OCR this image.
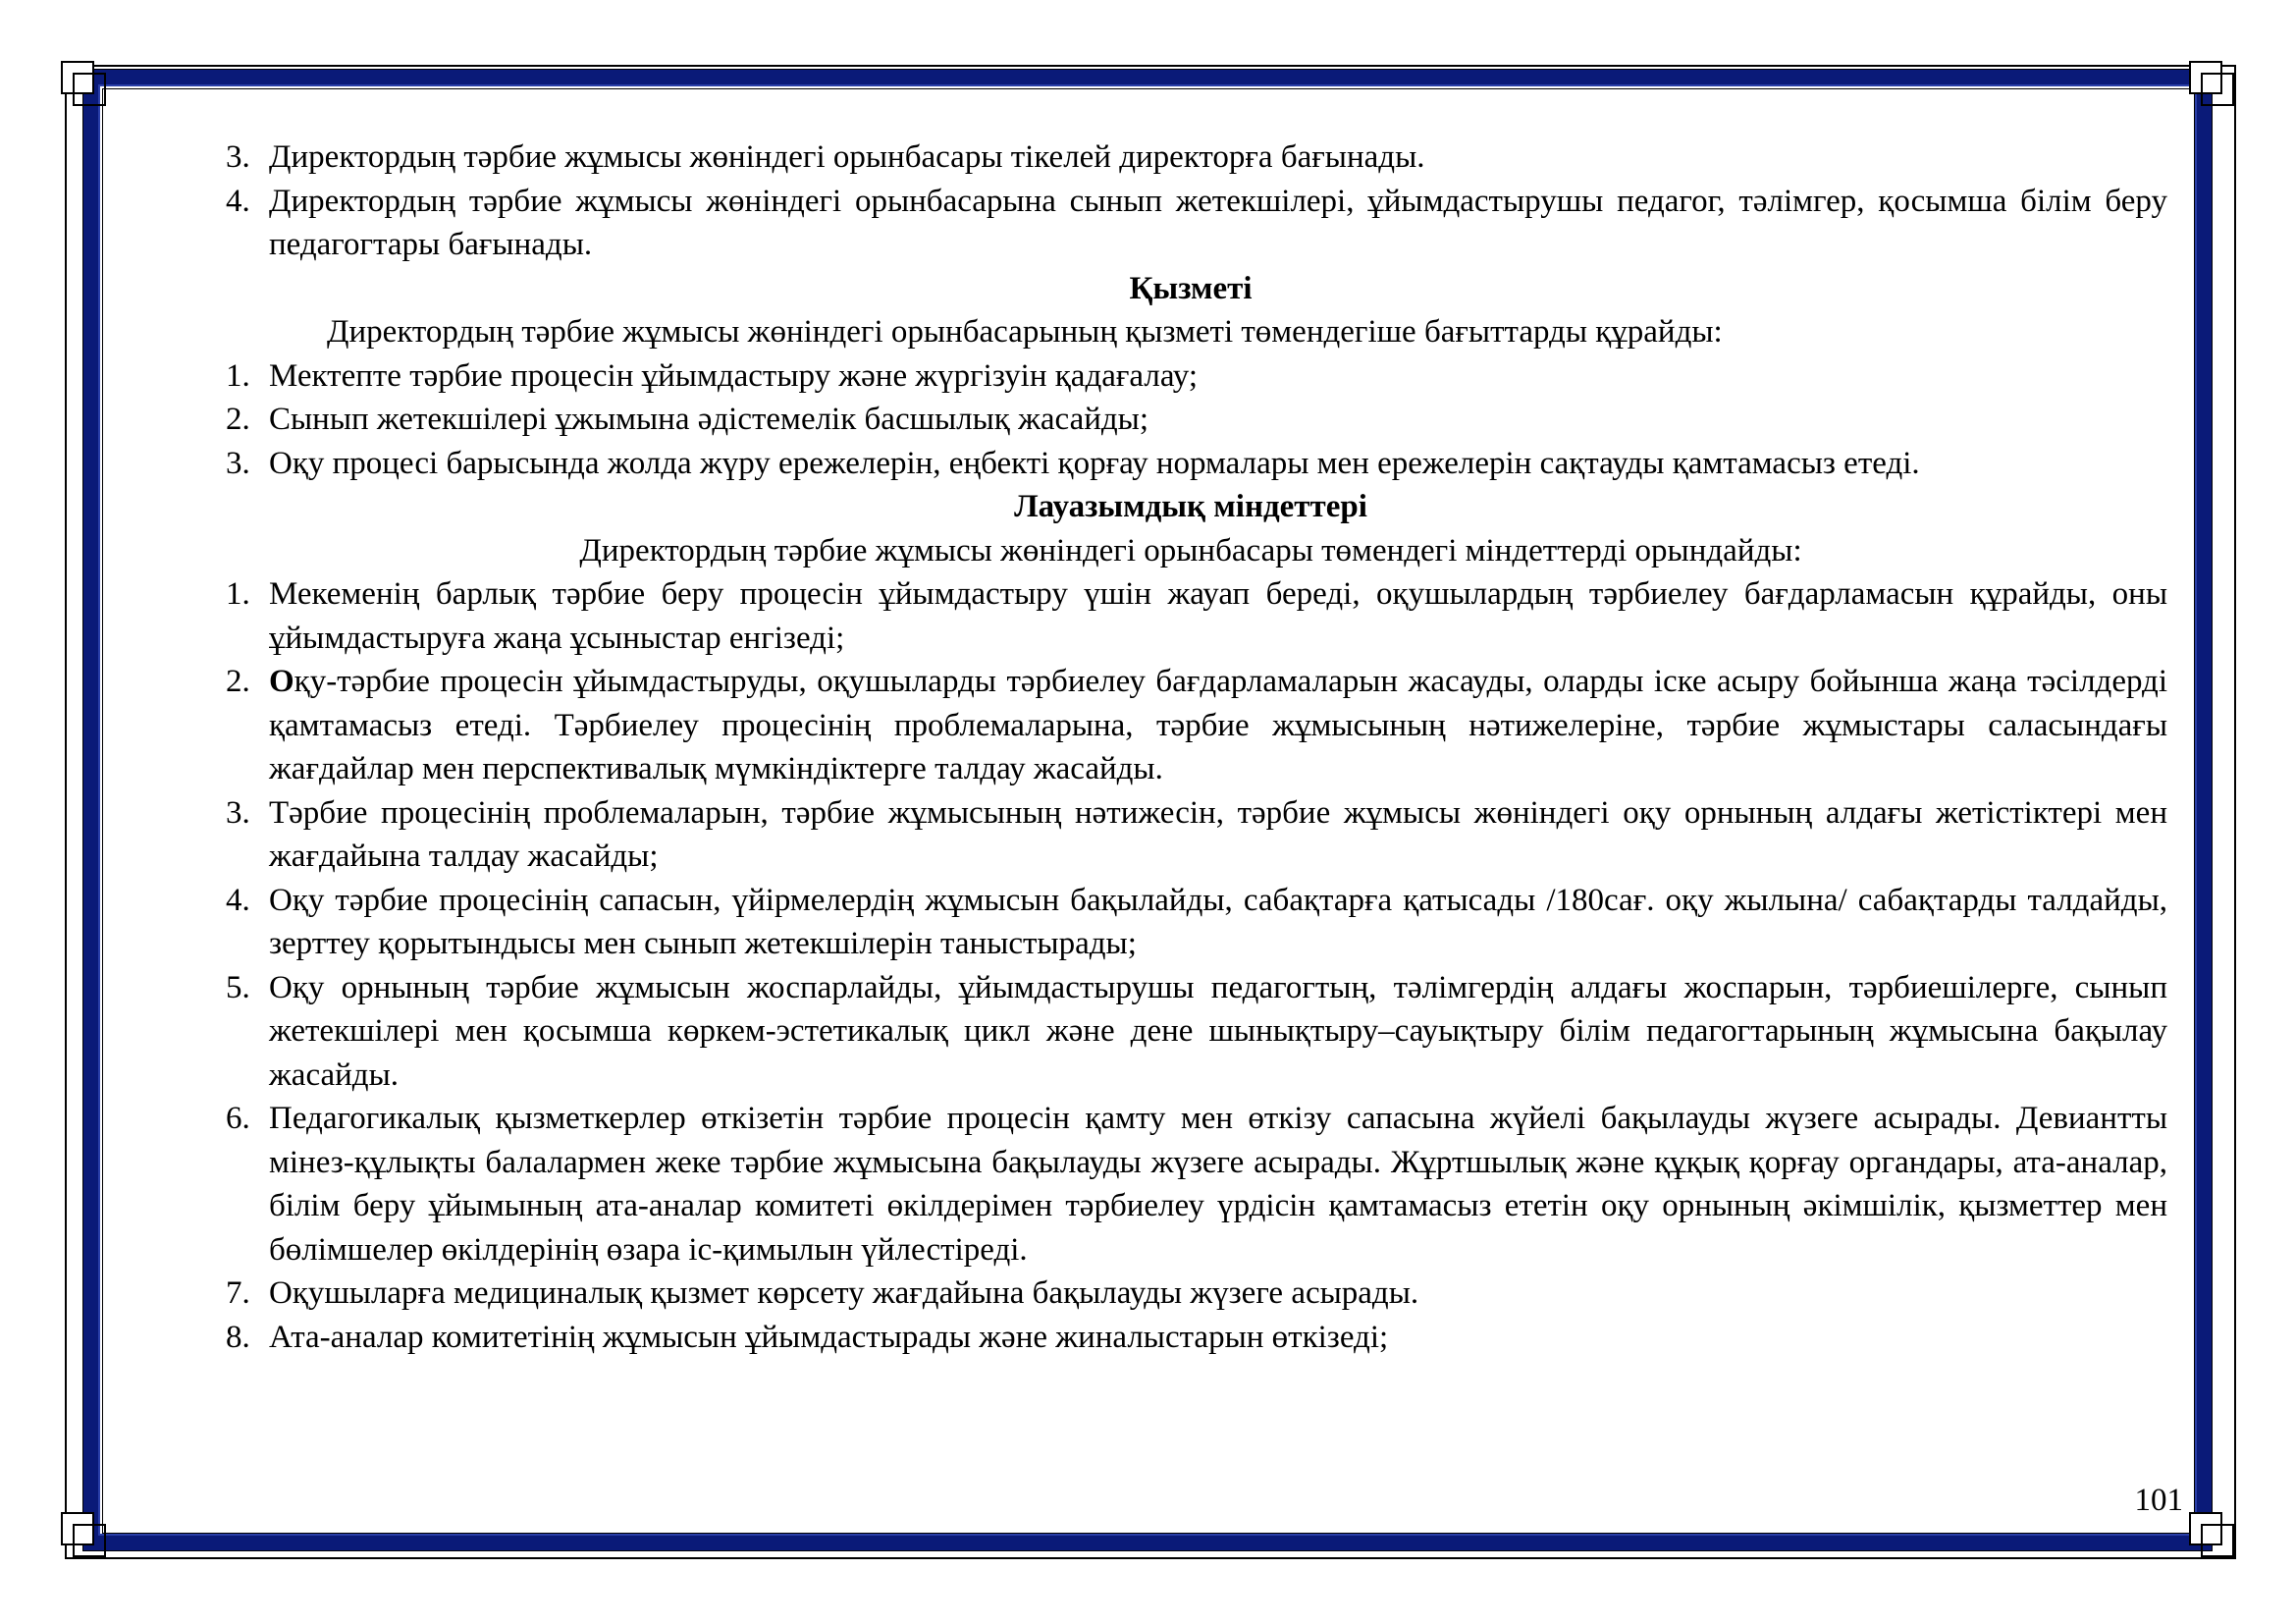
3. Директордың тәрбие жұмысы жөніндегі орынбасары тікелей директорға бағынады.
4. Директордың тәрбие жұмысы жөніндегі орынбасарына сынып жетекшілері, ұйымдастырушы педагог, тәлімгер, қосымша білім беру педагогтары бағынады.
Қызметі
Директордың тәрбие жұмысы жөніндегі орынбасарының қызметі төмендегіше бағыттарды құрайды:
1. Мектепте тәрбие процесін ұйымдастыру және жүргізуін қадағалау;
2. Сынып жетекшілері ұжымына әдістемелік басшылық жасайды;
3. Оқу процесі барысында жолда жүру ережелерін, еңбекті қорғау нормалары мен ережелерін сақтауды қамтамасыз етеді.
Лауазымдық міндеттері
Директордың тәрбие жұмысы жөніндегі орынбасары төмендегі міндеттерді орындайды:
1. Мекеменің барлық тәрбие беру процесін ұйымдастыру үшін жауап береді, оқушылардың тәрбиелеу бағдарламасын құрайды, оны ұйымдастыруға жаңа ұсыныстар енгізеді;
2. Оқу-тәрбие процесін ұйымдастыруды, оқушыларды тәрбиелеу бағдарламаларын жасауды, оларды іске асыру бойынша жаңа тәсілдерді қамтамасыз етеді. Тәрбиелеу процесінің проблемаларына, тәрбие жұмысының нәтижелеріне, тәрбие жұмыстары саласындағы жағдайлар мен перспективалық мүмкіндіктерге талдау жасайды.
3. Тәрбие процесінің проблемаларын, тәрбие жұмысының нәтижесін, тәрбие жұмысы жөніндегі оқу орнының алдағы жетістіктері мен жағдайына талдау жасайды;
4. Оқу тәрбие процесінің сапасын, үйірмелердің жұмысын бақылайды, сабақтарға қатысады /180сағ. оқу жылына/ сабақтарды талдайды, зерттеу қорытындысы мен сынып жетекшілерін таныстырады;
5. Оқу орнының тәрбие жұмысын жоспарлайды, ұйымдастырушы педагогтың, тәлімгердің алдағы жоспарын, тәрбиешілерге, сынып жетекшілері мен қосымша көркем-эстетикалық цикл және дене шынықтыру–сауықтыру білім педагогтарының жұмысына бақылау жасайды.
6. Педагогикалық қызметкерлер өткізетін тәрбие процесін қамту мен өткізу сапасына жүйелі бақылауды жүзеге асырады. Девиантты мінез-құлықты балалармен жеке тәрбие жұмысына бақылауды жүзеге асырады. Жұртшылық және құқық қорғау органдары, ата-аналар, білім беру ұйымының ата-аналар комитеті өкілдерімен тәрбиелеу үрдісін қамтамасыз ететін оқу орнының әкімшілік, қызметтер мен бөлімшелер өкілдерінің өзара іс-қимылын үйлестіреді.
7. Оқушыларға медициналық қызмет көрсету жағдайына бақылауды жүзеге асырады.
8. Ата-аналар комитетінің жұмысын ұйымдастырады және жиналыстарын өткізеді;
101
